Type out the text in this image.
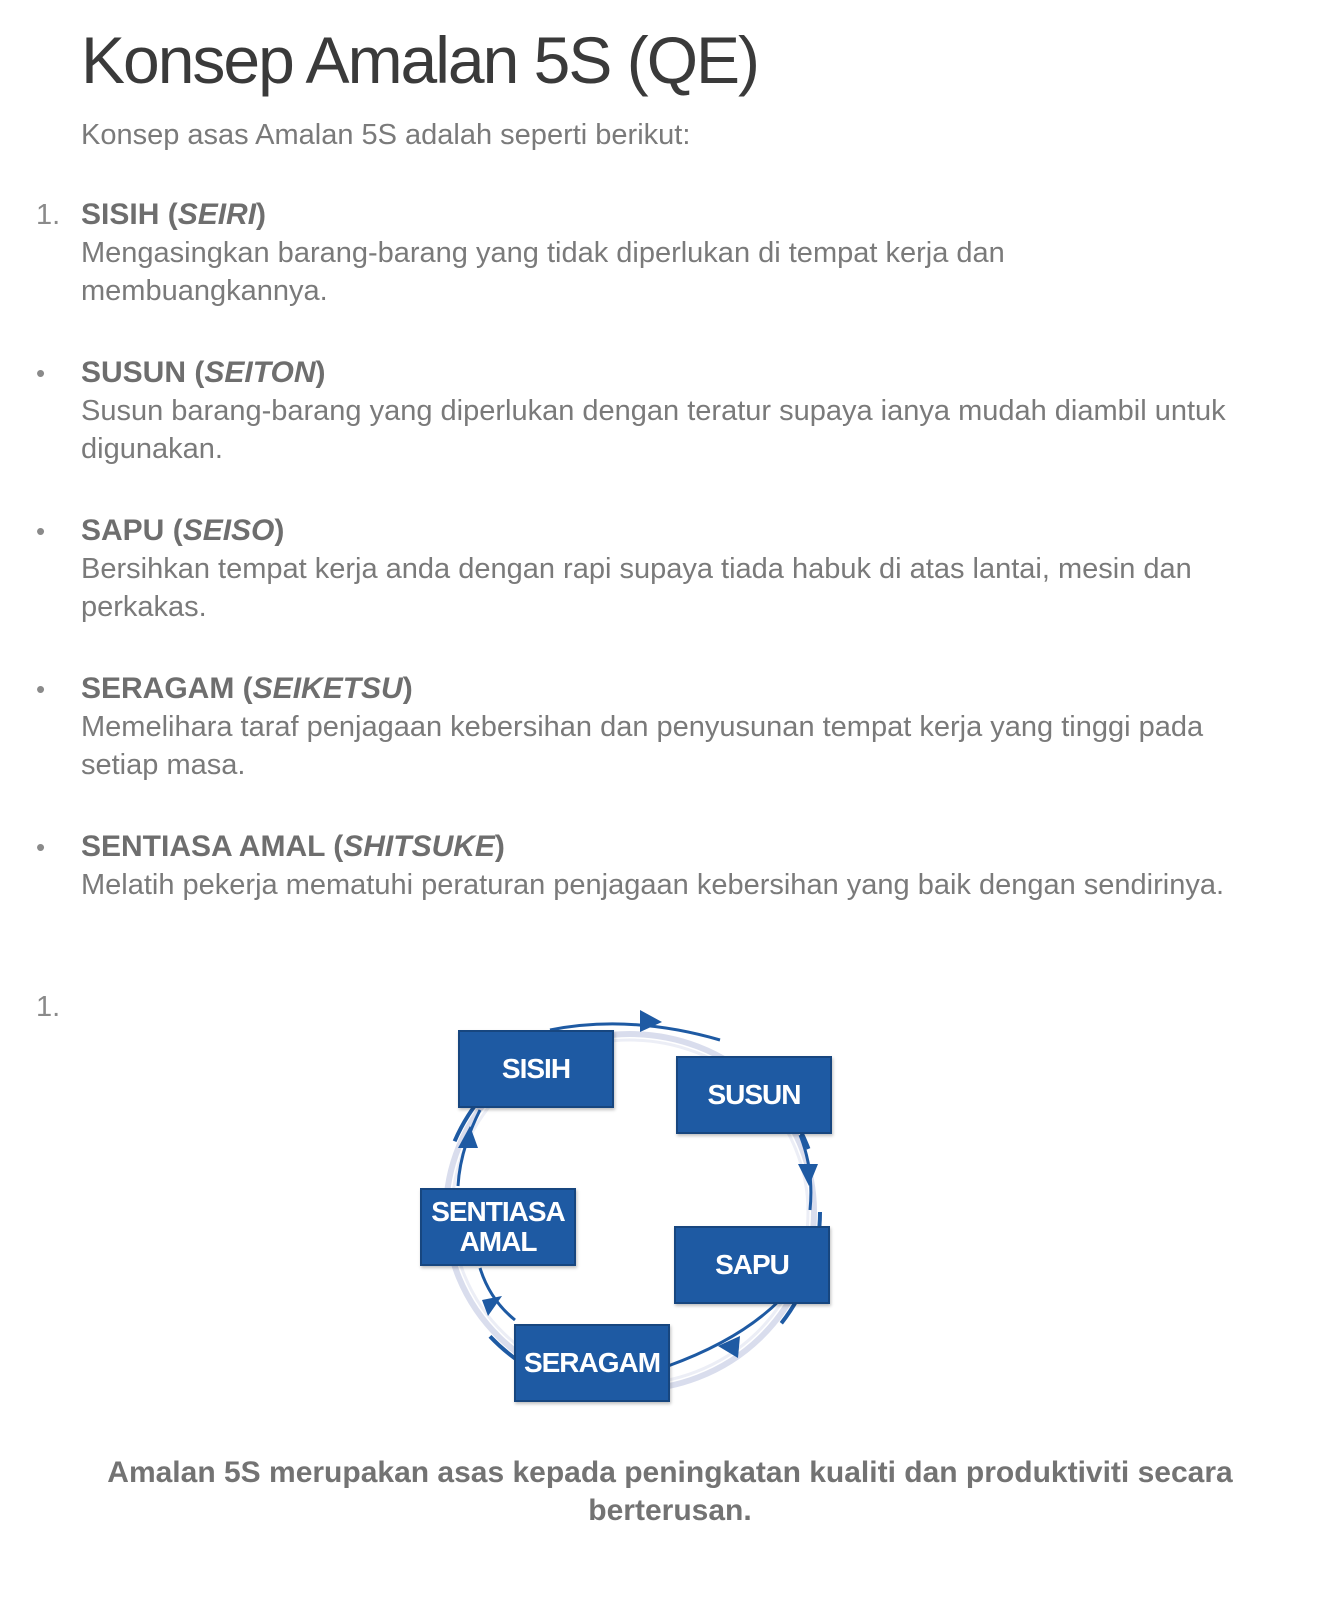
Konsep Amalan 5S (QE)
Konsep asas Amalan 5S adalah seperti berikut:
1. SISIH (SEIRI)
Mengasingkan barang-barang yang tidak diperlukan di tempat kerja dan membuangkannya.
• SUSUN (SEITON)
Susun barang-barang yang diperlukan dengan teratur supaya ianya mudah diambil untuk digunakan.
• SAPU (SEISO)
Bersihkan tempat kerja anda dengan rapi supaya tiada habuk di atas lantai, mesin dan perkakas.
• SERAGAM (SEIKETSU)
Memelihara taraf penjagaan kebersihan dan penyusunan tempat kerja yang tinggi pada setiap masa.
• SENTIASA AMAL (SHITSUKE)
Melatih pekerja mematuhi peraturan penjagaan kebersihan yang baik dengan sendirinya.
1.
SISIH
SUSUN
SAPU
SERAGAM
SENTIASA
AMAL
Amalan 5S merupakan asas kepada peningkatan kualiti dan produktiviti secara berterusan.
